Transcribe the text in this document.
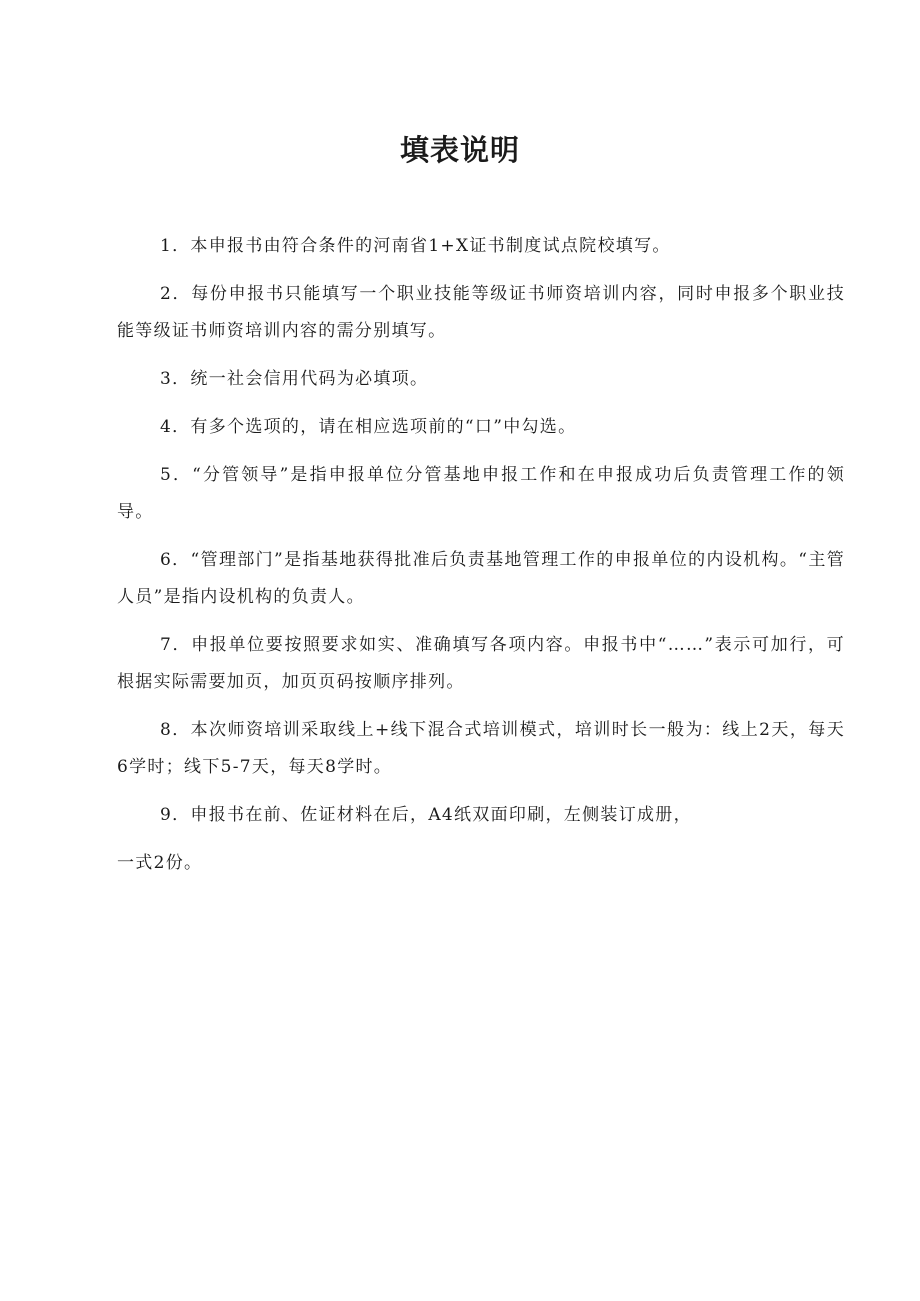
填表说明

1．本申报书由符合条件的河南省1+X证书制度试点院校填写。

2．每份申报书只能填写一个职业技能等级证书师资培训内容，同时申报多个职业技能等级证书师资培训内容的需分别填写。

3．统一社会信用代码为必填项。

4．有多个选项的，请在相应选项前的“口”中勾选。

5．“分管领导”是指申报单位分管基地申报工作和在申报成功后负责管理工作的领导。

6．“管理部门”是指基地获得批准后负责基地管理工作的申报单位的内设机构。“主管人员”是指内设机构的负责人。

7．申报单位要按照要求如实、准确填写各项内容。申报书中“……”表示可加行，可根据实际需要加页，加页页码按顺序排列。

8．本次师资培训采取线上+线下混合式培训模式，培训时长一般为：线上2天，每天6学时；线下5-7天，每天8学时。

9．申报书在前、佐证材料在后，A4纸双面印刷，左侧装订成册，

一式2份。
